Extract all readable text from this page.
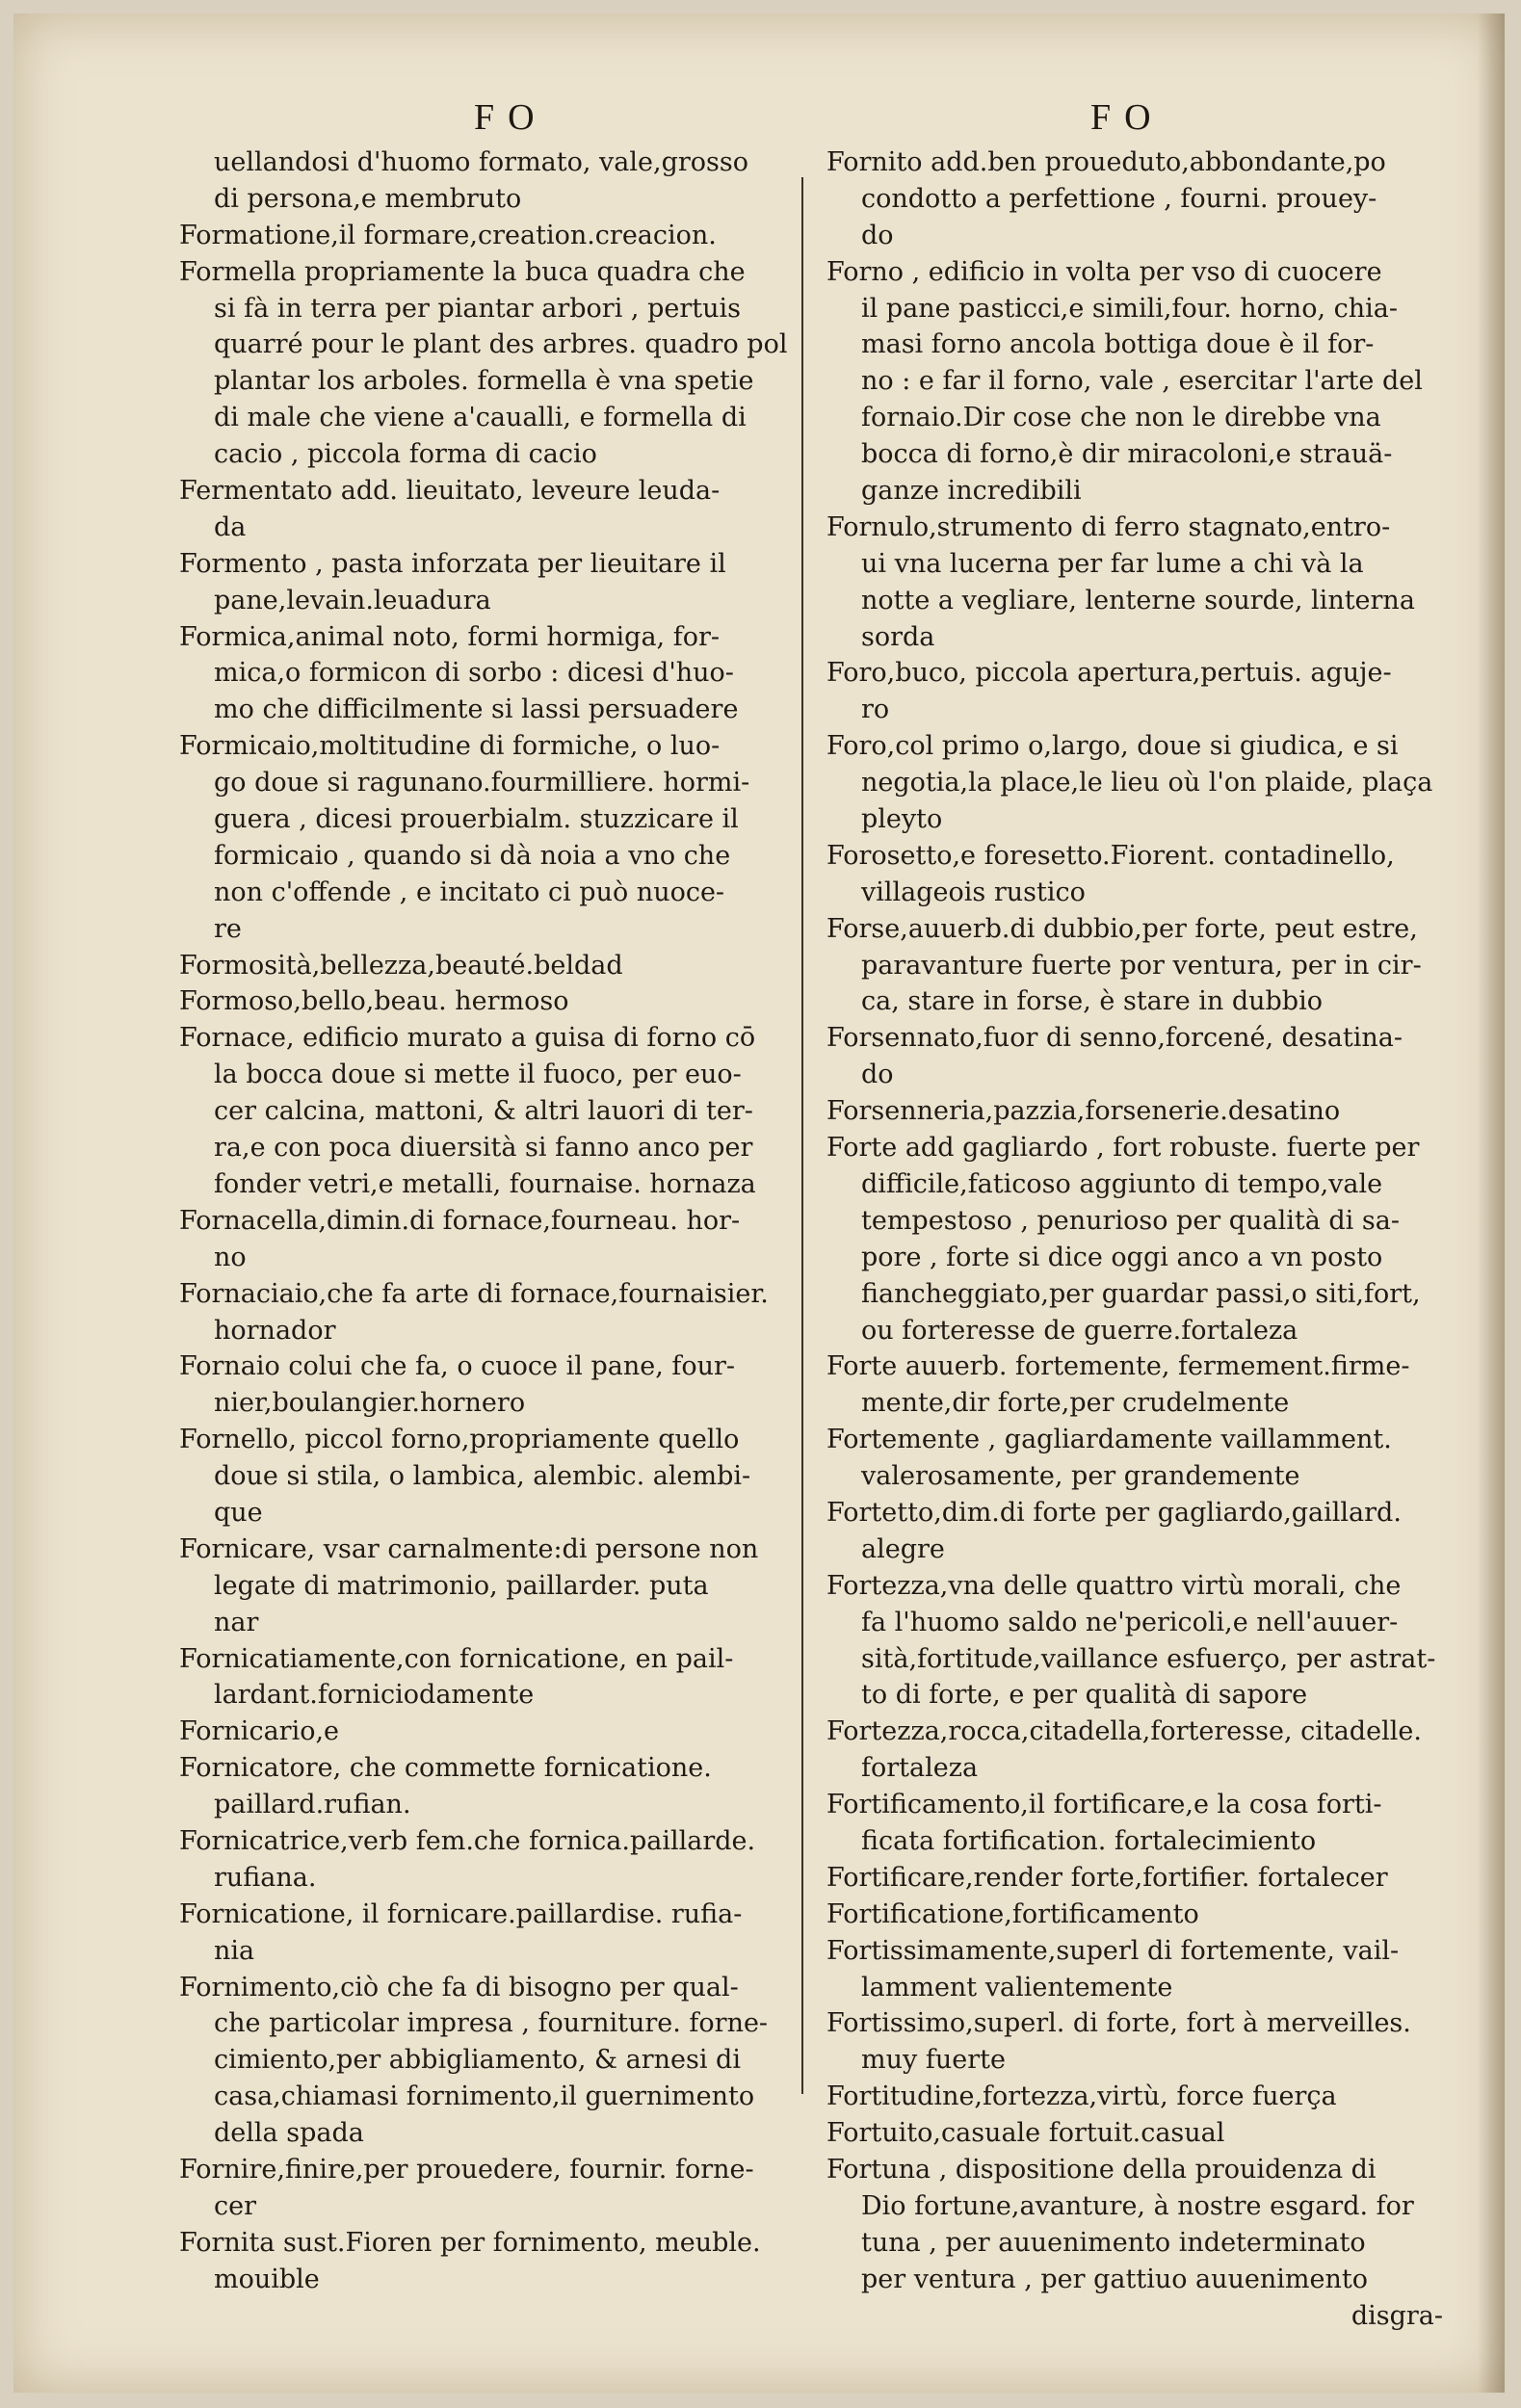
FO	FO
uellandosi d'huomo formato, vale,grosso
di persona,e membruto
Formatione,il formare,creation.creacion.
Formella propriamente la buca quadra che
si fà in terra per piantar arbori , pertuis
quarré pour le plant des arbres. quadro pol
plantar los arboles. formella è vna spetie
di male che viene a'caualli, e formella di
cacio , piccola forma di cacio
Fermentato add. lieuitato, leveure leuda-
da
Formento , pasta inforzata per lieuitare il
pane,levain.leuadura
Formica,animal noto, formi hormiga, for-
mica,o formicon di sorbo : dicesi d'huo-
mo che difficilmente si lassi persuadere
Formicaio,moltitudine di formiche, o luo-
go doue si ragunano.fourmilliere. hormi-
guera , dicesi prouerbialm. stuzzicare il
formicaio , quando si dà noia a vno che
non c'offende , e incitato ci può nuoce-
re
Formosità,bellezza,beauté.beldad
Formoso,bello,beau. hermoso
Fornace, edificio murato a guisa di forno cō
la bocca doue si mette il fuoco, per euo-
cer calcina, mattoni, & altri lauori di ter-
ra,e con poca diuersità si fanno anco per
fonder vetri,e metalli, fournaise. hornaza
Fornacella,dimin.di fornace,fourneau. hor-
no
Fornaciaio,che fa arte di fornace,fournaisier.
hornador
Fornaio colui che fa, o cuoce il pane, four-
nier,boulangier.hornero
Fornello, piccol forno,propriamente quello
doue si stila, o lambica, alembic. alembi-
que
Fornicare, vsar carnalmente:di persone non
legate di matrimonio, paillarder. puta
nar
Fornicatiamente,con fornicatione, en pail-
lardant.forniciodamente
Fornicario,e
Fornicatore, che commette fornicatione.
paillard.rufian.
Fornicatrice,verb fem.che fornica.paillarde.
rufiana.
Fornicatione, il fornicare.paillardise. rufia-
nia
Fornimento,ciò che fa di bisogno per qual-
che particolar impresa , fourniture. forne-
cimiento,per abbigliamento, & arnesi di
casa,chiamasi fornimento,il guernimento
della spada
Fornire,finire,per prouedere, fournir. forne-
cer
Fornita sust.Fioren per fornimento, meuble.
mouible
Fornito add.ben proueduto,abbondante,po
condotto a perfettione , fourni. prouey-
do
Forno , edificio in volta per vso di cuocere
il pane pasticci,e simili,four. horno, chia-
masi forno ancola bottiga doue è il for-
no : e far il forno, vale , esercitar l'arte del
fornaio.Dir cose che non le direbbe vna
bocca di forno,è dir miracoloni,e strauä-
ganze incredibili
Fornulo,strumento di ferro stagnato,entro-
ui vna lucerna per far lume a chi và la
notte a vegliare, lenterne sourde, linterna
sorda
Foro,buco, piccola apertura,pertuis. aguje-
ro
Foro,col primo o,largo, doue si giudica, e si
negotia,la place,le lieu où l'on plaide, plaça
pleyto
Forosetto,e foresetto.Fiorent. contadinello,
villageois rustico
Forse,auuerb.di dubbio,per forte, peut estre,
paravanture fuerte por ventura, per in cir-
ca, stare in forse, è stare in dubbio
Forsennato,fuor di senno,forcené, desatina-
do
Forsenneria,pazzia,forsenerie.desatino
Forte add gagliardo , fort robuste. fuerte per
difficile,faticoso aggiunto di tempo,vale
tempestoso , penurioso per qualità di sa-
pore , forte si dice oggi anco a vn posto
fiancheggiato,per guardar passi,o siti,fort,
ou forteresse de guerre.fortaleza
Forte auuerb. fortemente, fermement.firme-
mente,dir forte,per crudelmente
Fortemente , gagliardamente vaillamment.
valerosamente, per grandemente
Fortetto,dim.di forte per gagliardo,gaillard.
alegre
Fortezza,vna delle quattro virtù morali, che
fa l'huomo saldo ne'pericoli,e nell'auuer-
sità,fortitude,vaillance esfuerço, per astrat-
to di forte, e per qualità di sapore
Fortezza,rocca,citadella,forteresse, citadelle.
fortaleza
Fortificamento,il fortificare,e la cosa forti-
ficata fortification. fortalecimiento
Fortificare,render forte,fortifier. fortalecer
Fortificatione,fortificamento
Fortissimamente,superl di fortemente, vail-
lamment valientemente
Fortissimo,superl. di forte, fort à merveilles.
muy fuerte
Fortitudine,fortezza,virtù, force fuerça
Fortuito,casuale fortuit.casual
Fortuna , dispositione della prouidenza di
Dio fortune,avanture, à nostre esgard. for
tuna , per auuenimento indeterminato
per ventura , per gattiuo auuenimento
disgra-
